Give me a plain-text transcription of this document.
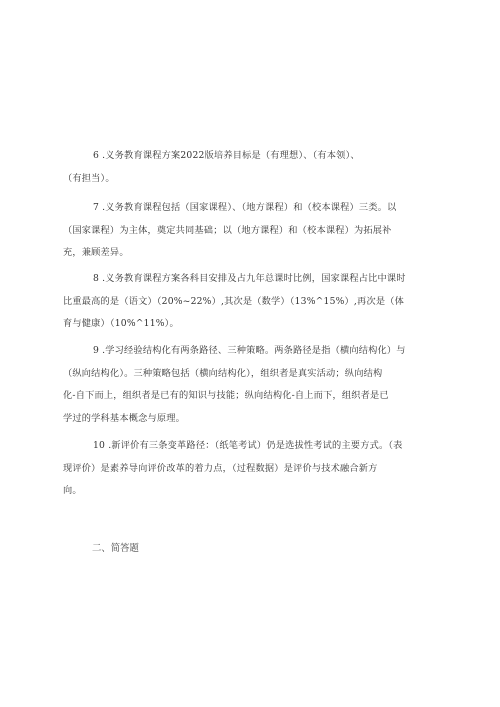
6 .义务教育课程方案2022版培养目标是（有理想）、（有本领）、
（有担当）。

7 .义务教育课程包括（国家课程）、（地方课程）和（校本课程）三类。以
（国家课程）为主体，奠定共同基础；以（地方课程）和（校本课程）为拓展补
充，兼顾差异。

8 .义务教育课程方案各科目安排及占九年总课时比例，国家课程占比中课时
比重最高的是（语文）（20%~22%）,其次是（数学）（13%^15%）,再次是（体
育与健康）（10%^11%）。

9 .学习经验结构化有两条路径、三种策略。两条路径是指（横向结构化）与
（纵向结构化）。三种策略包括（横向结构化），组织者是真实活动；纵向结构
化-自下而上，组织者是已有的知识与技能；纵向结构化-自上而下，组织者是已
学过的学科基本概念与原理。

10 .新评价有三条变革路径：（纸笔考试）仍是选拔性考试的主要方式。（表
现评价）是素养导向评价改革的着力点，（过程数据）是评价与技术融合新方
向。

二、简答题
